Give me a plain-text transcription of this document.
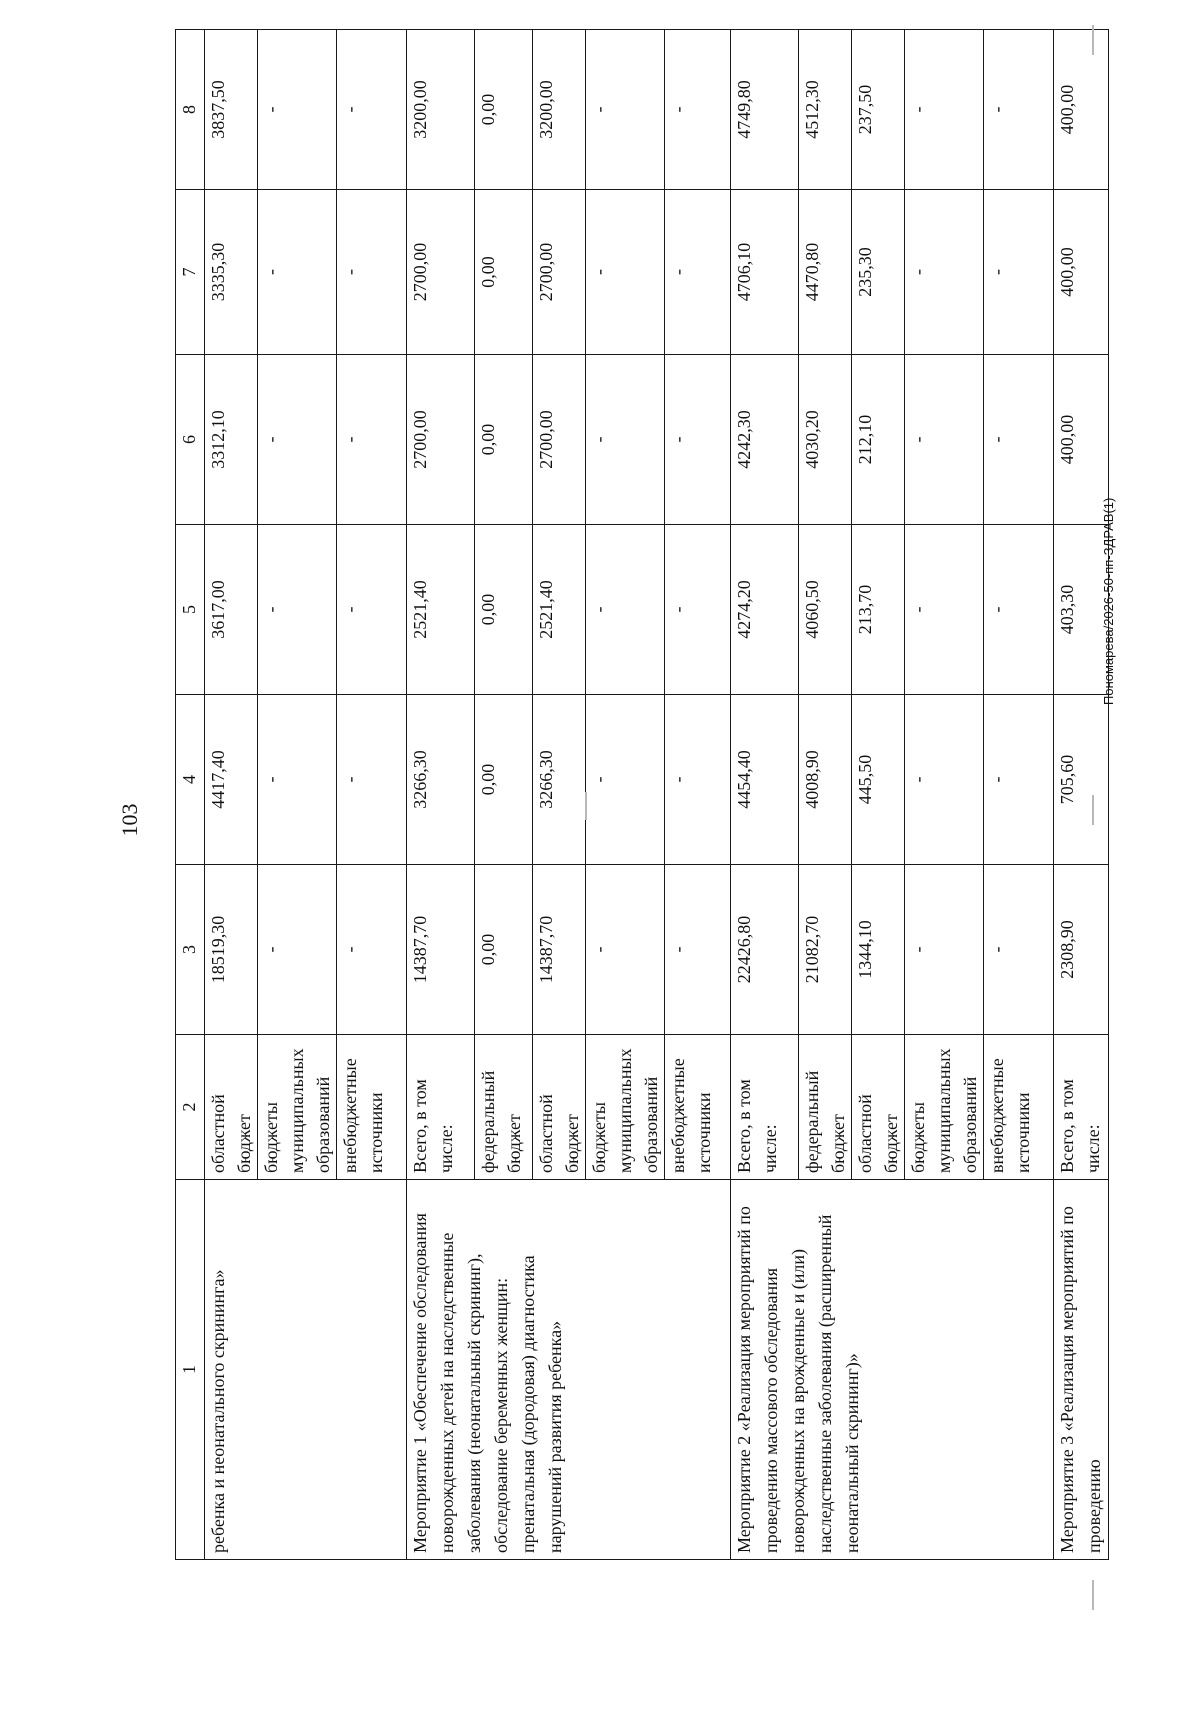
103
1	2	3	4	5	6	7	8
ребенка и неонатального скрининга»	областной бюджет	18519,30	4417,40	3617,00	3312,10	3335,30	3837,50
	бюджеты муниципальных образований	-	-	-	-	-	-
	внебюджетные источники	-	-	-	-	-	-
Мероприятие 1 «Обеспечение обследования новорожденных детей на наследственные заболевания (неонатальный скрининг), обследование беременных женщин: пренатальная (дородовая) диагностика нарушений развития ребенка»	Всего, в том числе:	14387,70	3266,30	2521,40	2700,00	2700,00	3200,00
	федеральный бюджет	0,00	0,00	0,00	0,00	0,00	0,00
	областной бюджет	14387,70	3266,30	2521,40	2700,00	2700,00	3200,00
	бюджеты муниципальных образований	-	-	-	-	-	-
	внебюджетные источники	-	-	-	-	-	-
Мероприятие 2 «Реализация мероприятий по проведению массового обследования новорожденных на врожденные и (или) наследственные заболевания (расширенный неонатальный скрининг)»	Всего, в том числе:	22426,80	4454,40	4274,20	4242,30	4706,10	4749,80
	федеральный бюджет	21082,70	4008,90	4060,50	4030,20	4470,80	4512,30
	областной бюджет	1344,10	445,50	213,70	212,10	235,30	237,50
	бюджеты муниципальных образований	-	-	-	-	-	-
	внебюджетные источники	-	-	-	-	-	-
Мероприятие 3 «Реализация мероприятий по проведению	Всего, в том числе:	2308,90	705,60	403,30	400,00	400,00	400,00
Пономарева/2026-50-пп-ЗДРАВ(1)
